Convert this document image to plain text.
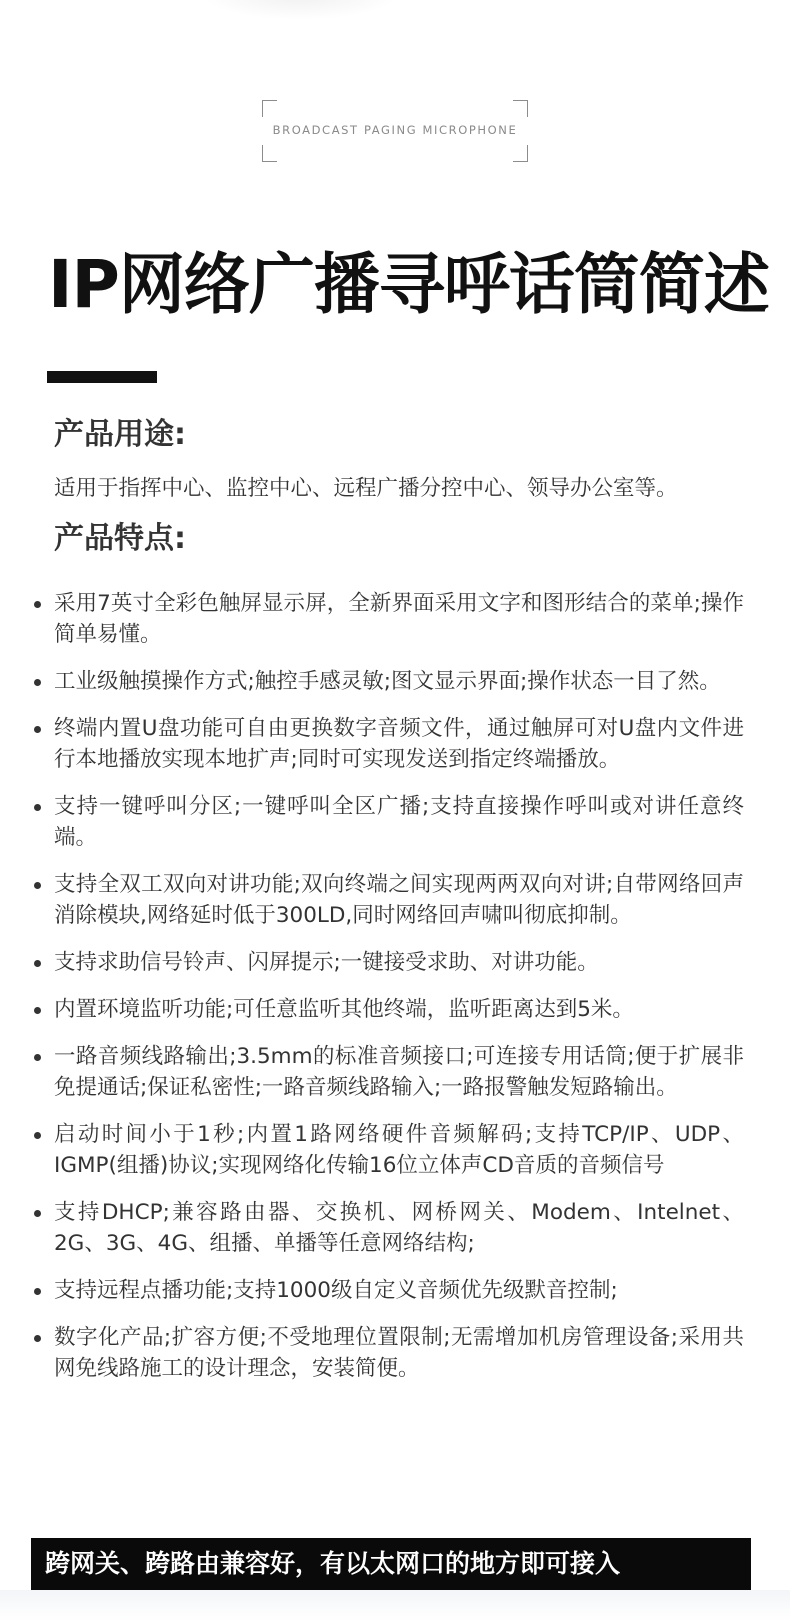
BROADCAST PAGING MICROPHONE
IP网络广播寻呼话筒简述
产品用途:
适用于指挥中心、监控中心、远程广播分控中心、领导办公室等。
产品特点:
采用7英寸全彩色触屏显示屏，全新界面采用文字和图形结合的菜单;操作简单易懂。
工业级触摸操作方式;触控手感灵敏;图文显示界面;操作状态一目了然。
终端内置U盘功能可自由更换数字音频文件，通过触屏可对U盘内文件进行本地播放实现本地扩声;同时可实现发送到指定终端播放。
支持一键呼叫分区;一键呼叫全区广播;支持直接操作呼叫或对讲任意终端。
支持全双工双向对讲功能;双向终端之间实现两两双向对讲;自带网络回声消除模块,网络延时低于300LD,同时网络回声啸叫彻底抑制。
支持求助信号铃声、闪屏提示;一键接受求助、对讲功能。
内置环境监听功能;可任意监听其他终端，监听距离达到5米。
一路音频线路输出;3.5mm的标准音频接口;可连接专用话筒;便于扩展非免提通话;保证私密性;一路音频线路输入;一路报警触发短路输出。
启动时间小于1秒;内置1路网络硬件音频解码;支持TCP/IP、UDP、IGMP(组播)协议;实现网络化传输16位立体声CD音质的音频信号
支持DHCP;兼容路由器、交换机、网桥网关、Modem、Intelnet、2G、3G、4G、组播、单播等任意网络结构;
支持远程点播功能;支持1000级自定义音频优先级默音控制;
数字化产品;扩容方便;不受地理位置限制;无需增加机房管理设备;采用共网免线路施工的设计理念，安装简便。
跨网关、跨路由兼容好，有以太网口的地方即可接入
